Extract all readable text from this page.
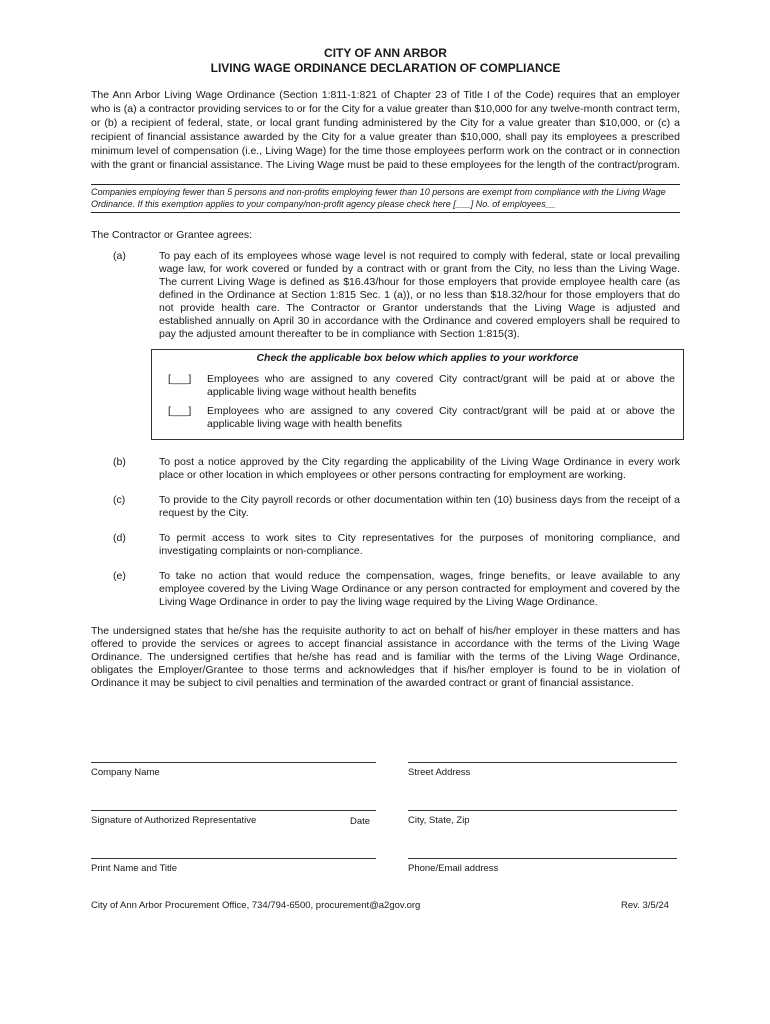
CITY OF ANN ARBOR
LIVING WAGE ORDINANCE DECLARATION OF COMPLIANCE
The Ann Arbor Living Wage Ordinance (Section 1:811-1:821 of Chapter 23 of Title I of the Code) requires that an employer who is (a) a contractor providing services to or for the City for a value greater than $10,000 for any twelve-month contract term, or (b) a recipient of federal, state, or local grant funding administered by the City for a value greater than $10,000, or (c) a recipient of financial assistance awarded by the City for a value greater than $10,000, shall pay its employees a prescribed minimum level of compensation (i.e., Living Wage) for the time those employees perform work on the contract or in connection with the grant or financial assistance. The Living Wage must be paid to these employees for the length of the contract/program.
Companies employing fewer than 5 persons and non-profits employing fewer than 10 persons are exempt from compliance with the Living Wage Ordinance. If this exemption applies to your company/non-profit agency please check here [___] No. of employees__
The Contractor or Grantee agrees:
(a)	To pay each of its employees whose wage level is not required to comply with federal, state or local prevailing wage law, for work covered or funded by a contract with or grant from the City, no less than the Living Wage. The current Living Wage is defined as $16.43/hour for those employers that provide employee health care (as defined in the Ordinance at Section 1:815 Sec. 1 (a)), or no less than $18.32/hour for those employers that do not provide health care. The Contractor or Grantor understands that the Living Wage is adjusted and established annually on April 30 in accordance with the Ordinance and covered employers shall be required to pay the adjusted amount thereafter to be in compliance with Section 1:815(3).
Check the applicable box below which applies to your workforce
[___] Employees who are assigned to any covered City contract/grant will be paid at or above the applicable living wage without health benefits
[___] Employees who are assigned to any covered City contract/grant will be paid at or above the applicable living wage with health benefits
(b)	To post a notice approved by the City regarding the applicability of the Living Wage Ordinance in every work place or other location in which employees or other persons contracting for employment are working.
(c)	To provide to the City payroll records or other documentation within ten (10) business days from the receipt of a request by the City.
(d)	To permit access to work sites to City representatives for the purposes of monitoring compliance, and investigating complaints or non-compliance.
(e)	To take no action that would reduce the compensation, wages, fringe benefits, or leave available to any employee covered by the Living Wage Ordinance or any person contracted for employment and covered by the Living Wage Ordinance in order to pay the living wage required by the Living Wage Ordinance.
The undersigned states that he/she has the requisite authority to act on behalf of his/her employer in these matters and has offered to provide the services or agrees to accept financial assistance in accordance with the terms of the Living Wage Ordinance. The undersigned certifies that he/she has read and is familiar with the terms of the Living Wage Ordinance, obligates the Employer/Grantee to those terms and acknowledges that if his/her employer is found to be in violation of Ordinance it may be subject to civil penalties and termination of the awarded contract or grant of financial assistance.
Company Name	Street Address
Signature of Authorized Representative	Date	City, State, Zip
Print Name and Title	Phone/Email address
City of Ann Arbor Procurement Office, 734/794-6500, procurement@a2gov.org	Rev. 3/5/24
